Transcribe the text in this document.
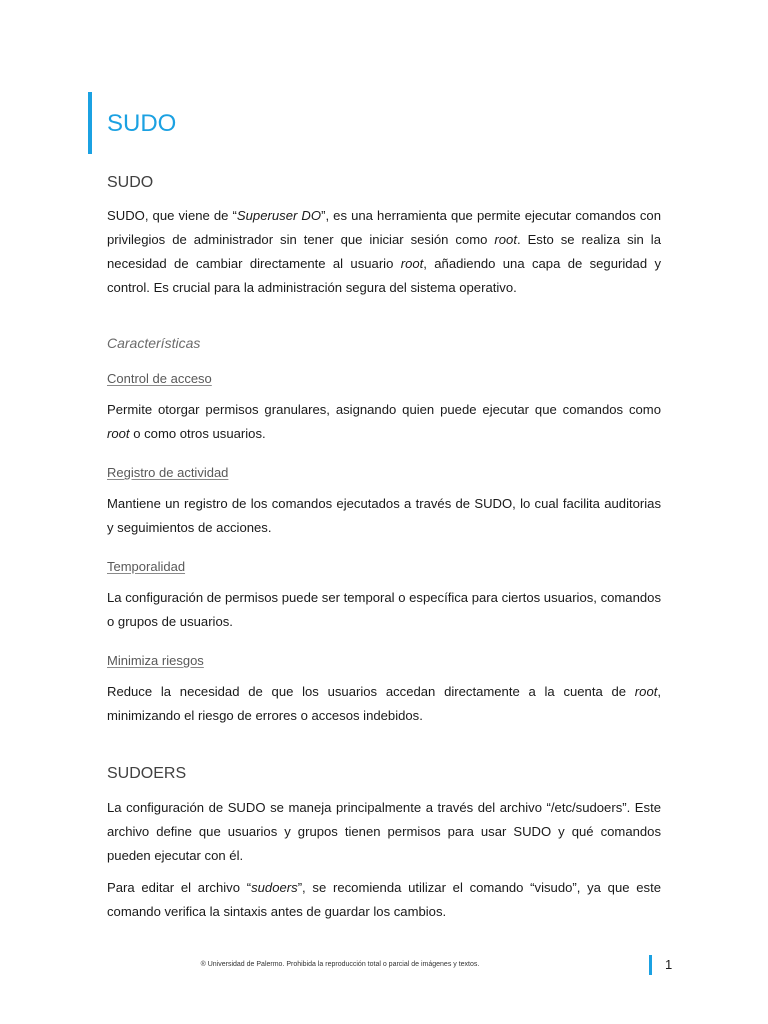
SUDO
SUDO

SUDO, que viene de “Superuser DO”, es una herramienta que permite ejecutar comandos con privilegios de administrador sin tener que iniciar sesión como root. Esto se realiza sin la necesidad de cambiar directamente al usuario root, añadiendo una capa de seguridad y control. Es crucial para la administración segura del sistema operativo.

Características
Control de acceso

Permite otorgar permisos granulares, asignando quien puede ejecutar que comandos como root o como otros usuarios.

Registro de actividad

Mantiene un registro de los comandos ejecutados a través de SUDO, lo cual facilita auditorias y seguimientos de acciones.

Temporalidad

La configuración de permisos puede ser temporal o específica para ciertos usuarios, comandos o grupos de usuarios.

Minimiza riesgos

Reduce la necesidad de que los usuarios accedan directamente a la cuenta de root, minimizando el riesgo de errores o accesos indebidos.

SUDOERS

La configuración de SUDO se maneja principalmente a través del archivo “/etc/sudoers”. Este archivo define que usuarios y grupos tienen permisos para usar SUDO y qué comandos pueden ejecutar con él.

Para editar el archivo “sudoers”, se recomienda utilizar el comando “visudo”, ya que este comando verifica la sintaxis antes de guardar los cambios.

® Universidad de Palermo. Prohibida la reproducción total o parcial de imágenes y textos.	1
